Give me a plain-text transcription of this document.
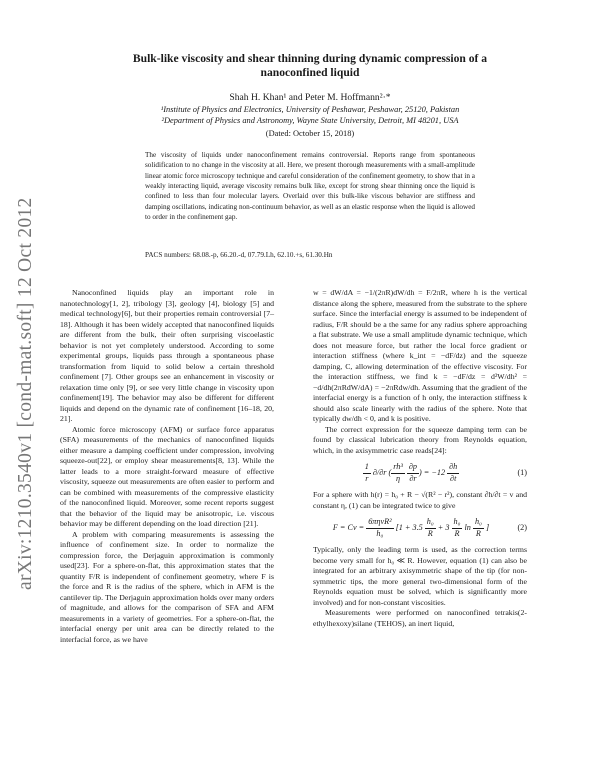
arXiv:1210.3540v1 [cond-mat.soft] 12 Oct 2012
Bulk-like viscosity and shear thinning during dynamic compression of a nanoconfined liquid
Shah H. Khan¹ and Peter M. Hoffmann²·*
¹Institute of Physics and Electronics, University of Peshawar, Peshawar, 25120, Pakistan
²Department of Physics and Astronomy, Wayne State University, Detroit, MI 48201, USA
(Dated: October 15, 2018)

The viscosity of liquids under nanoconfinement remains controversial. Reports range from spontaneous solidification to no change in the viscosity at all. Here, we present thorough measurements with a small-amplitude linear atomic force microscopy technique and careful consideration of the confinement geometry, to show that in a weakly interacting liquid, average viscosity remains bulk like, except for strong shear thinning once the liquid is confined to less than four molecular layers. Overlaid over this bulk-like viscous behavior are stiffness and damping oscillations, indicating non-continuum behavior, as well as an elastic response when the liquid is allowed to order in the confinement gap.

PACS numbers: 68.08.-p, 66.20.-d, 07.79.Lh, 62.10.+s, 61.30.Hn

Nanoconfined liquids play an important role in nanotechnology[1, 2], tribology [3], geology [4], biology [5] and medical technology[6], but their properties remain controversial [7–18]. Although it has been widely accepted that nanoconfined liquids are different from the bulk, their often surprising viscoelastic behavior is not yet completely understood. According to some experimental groups, liquids pass through a spontaneous phase transformation from liquid to solid below a certain threshold confinement [7]. Other groups see an enhancement in viscosity or relaxation time only [9], or see very little change in viscosity upon confinement[19]. The behavior may also be different for different liquids and depend on the dynamic rate of confinement [16–18, 20, 21].

Atomic force microscopy (AFM) or surface force apparatus (SFA) measurements of the mechanics of nanoconfined liquids either measure a damping coefficient under compression, involving squeeze-out[22], or employ shear measurements[8, 13]. While the latter leads to a more straight-forward measure of effective viscosity, squeeze out measurements are often easier to perform and can be combined with measurements of the compressive elasticity of the nanoconfined liquid. Moreover, some recent reports suggest that the behavior of the liquid may be anisotropic, i.e. viscous behavior may be different depending on the load direction [21].

A problem with comparing measurements is assessing the influence of confinement size. In order to normalize the compression force, the Derjaguin approximation is commonly used[23]. For a sphere-on-flat, this approximation states that the quantity F/R is independent of confinement geometry, where F is the force and R is the radius of the sphere, which in AFM is the cantilever tip. The Derjaguin approximation holds over many orders of magnitude, and allows for the comparison of SFA and AFM measurements in a variety of geometries. For a sphere-on-flat, the interfacial energy per unit area can be directly related to the interfacial force, as we have

w = dW/dA = −1/(2πR)dW/dh = F/2πR, where h is the vertical distance along the sphere, measured from the substrate to the sphere surface. Since the interfacial energy is assumed to be independent of radius, F/R should be a the same for any radius sphere approaching a flat substrate. We use a small amplitude dynamic technique, which does not measure force, but rather the local force gradient or interaction stiffness (where k_int = −dF/dz) and the squeeze damping, C, allowing determination of the effective viscosity. For the interaction stiffness, we find k = −dF/dz = d²W/dh² = −d/dh(2πRdW/dA) = −2πRdw/dh. Assuming that the gradient of the interfacial energy is a function of h only, the interaction stiffness k should also scale linearly with the radius of the sphere. Note that typically dw/dh < 0, and k is positive.

The correct expression for the squeeze damping term can be found by classical lubrication theory from Reynolds equation, which, in the axisymmetric case reads[24]:

$\frac{1}{r} \partial/\partial r$ ( $\frac{\text{rh³}}{\eta}$
$\frac{\partial p}{\partial r}$ ) = $-12 \frac{\partial h}{\partial t}$	(1)

For a sphere with h(r) = h₀ + R − √(R² − r²), constant ∂h/∂t = v and constant η, (1) can be integrated twice to give

$F = Cv = \frac{\text{6πηvR²}}{\text{h₀}} [1 + 3.5 \frac{\text{h₀}}{R} + 3 \frac{\text{h₀}}{R}$ $\ln \frac{\text{h₀}}{R}$ ]	(2)

Typically, only the leading term is used, as the correction terms become very small for h₀ ≪ R. However, equation (1) can also be integrated for an arbitrary axisymmetric shape of the tip (for non-symmetric tips, the more general two-dimensional form of the Reynolds equation must be solved, which is significantly more involved) and for non-constant viscosities.

Measurements were performed on nanoconfined tetrakis(2-ethylhexoxy)silane (TEHOS), an inert liquid,
